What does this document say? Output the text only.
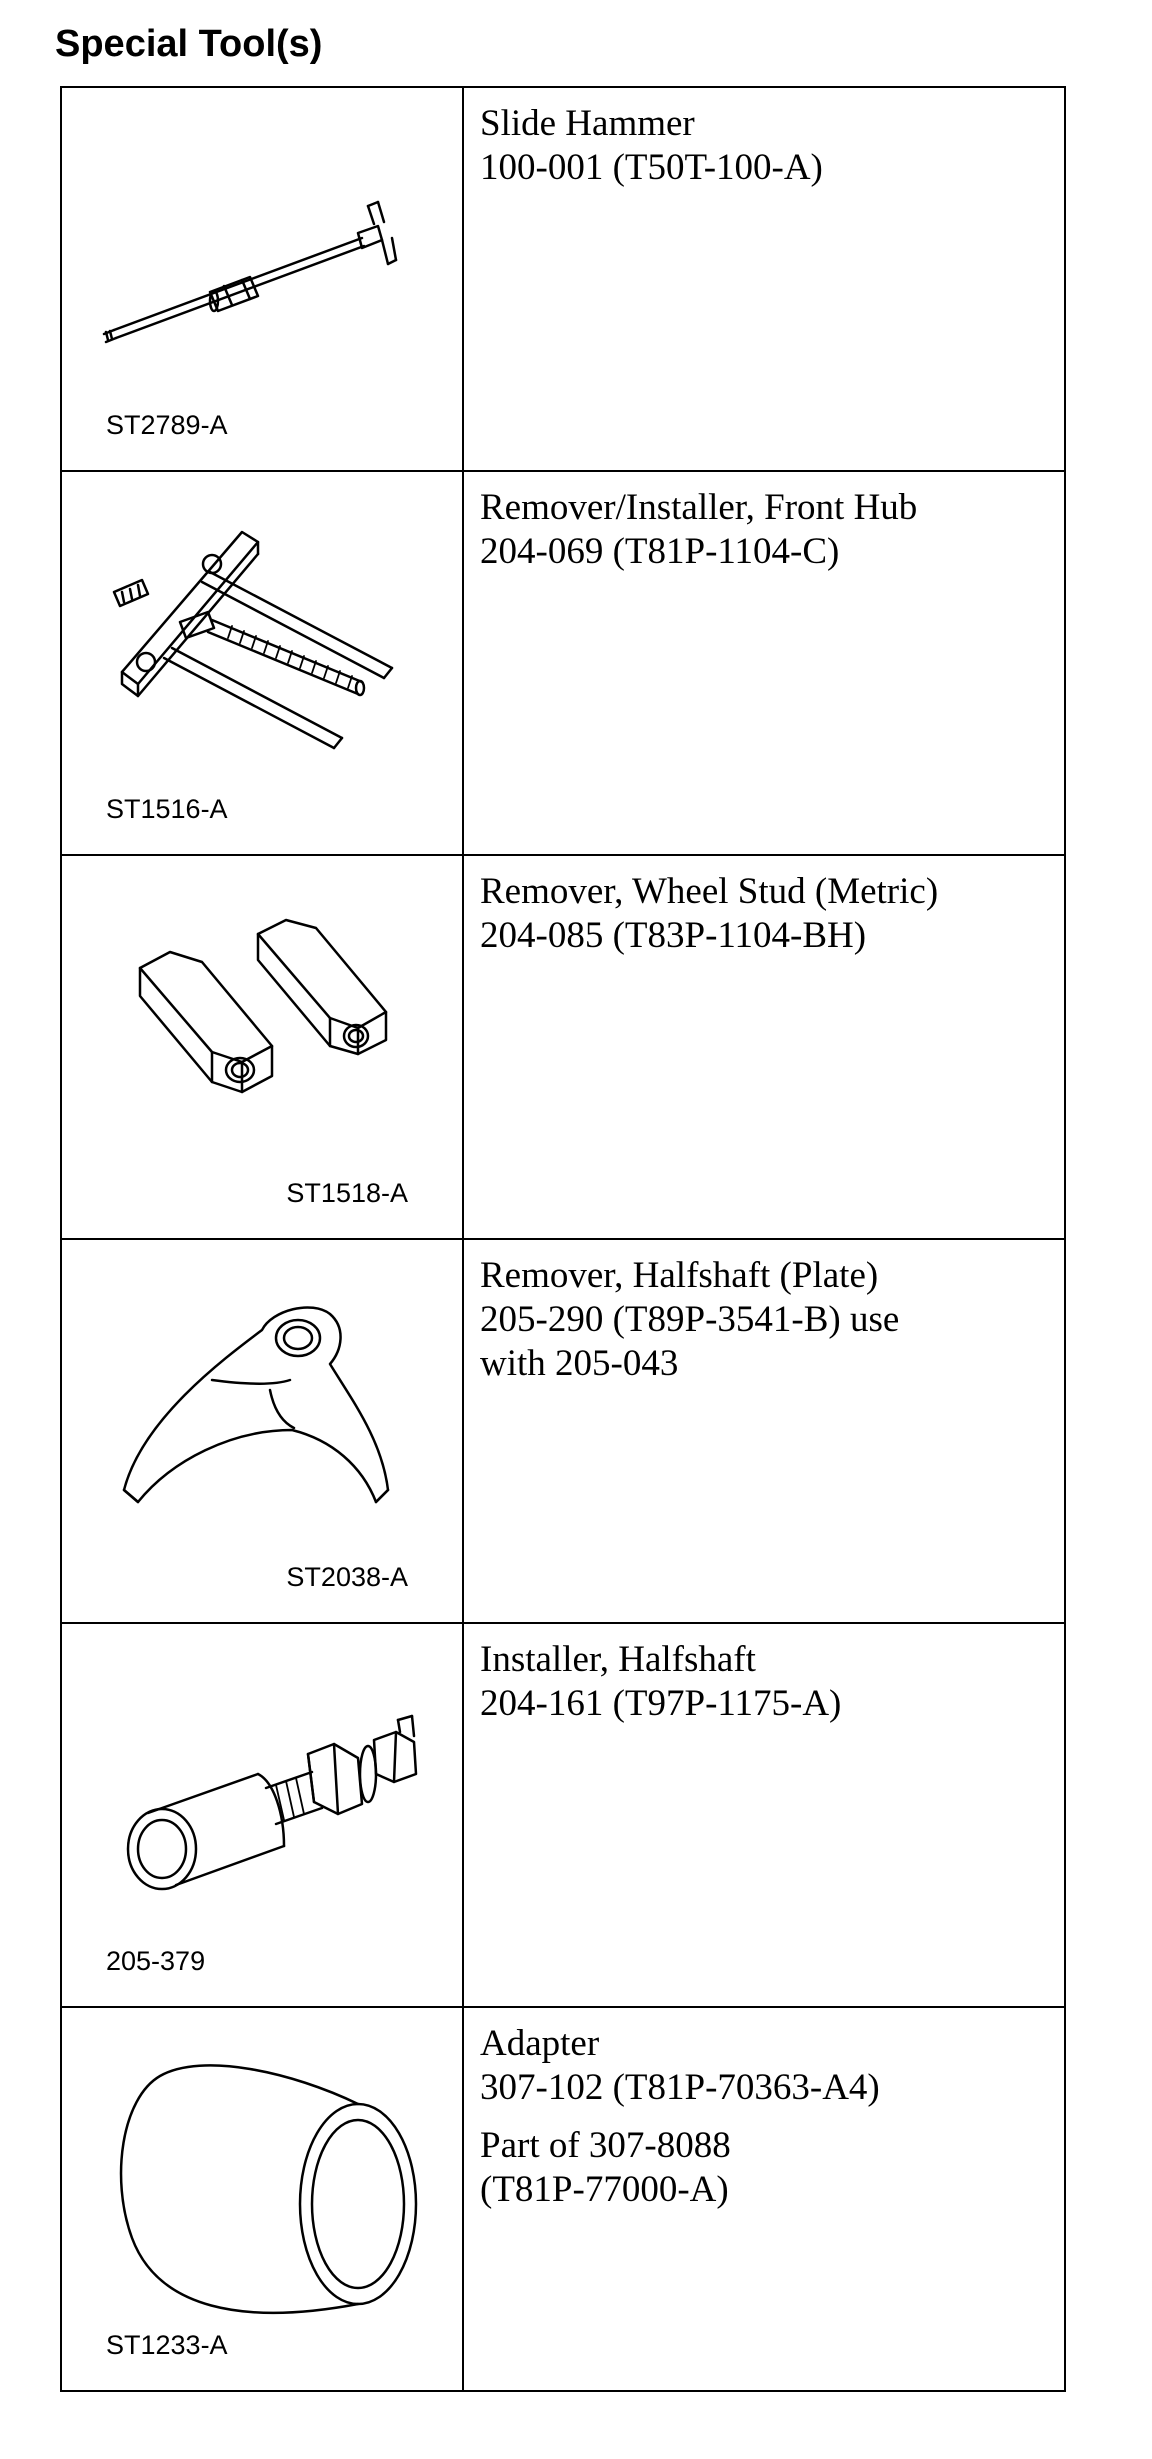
Special Tool(s)
ST2789-A	Slide Hammer

100-001 (T50T-100-A)

ST1516-A	Remover/Installer, Front Hub

204-069 (T81P-1104-C)

ST1518-A	Remover, Wheel Stud (Metric)

204-085 (T83P-1104-BH)

ST2038-A	Remover, Halfshaft (Plate)

205-290 (T89P-3541-B) use

with 205-043

205-379	Installer, Halfshaft

204-161 (T97P-1175-A)

ST1233-A	Adapter

307-102 (T81P-70363-A4)

Part of 307-8088

(T81P-77000-A)
